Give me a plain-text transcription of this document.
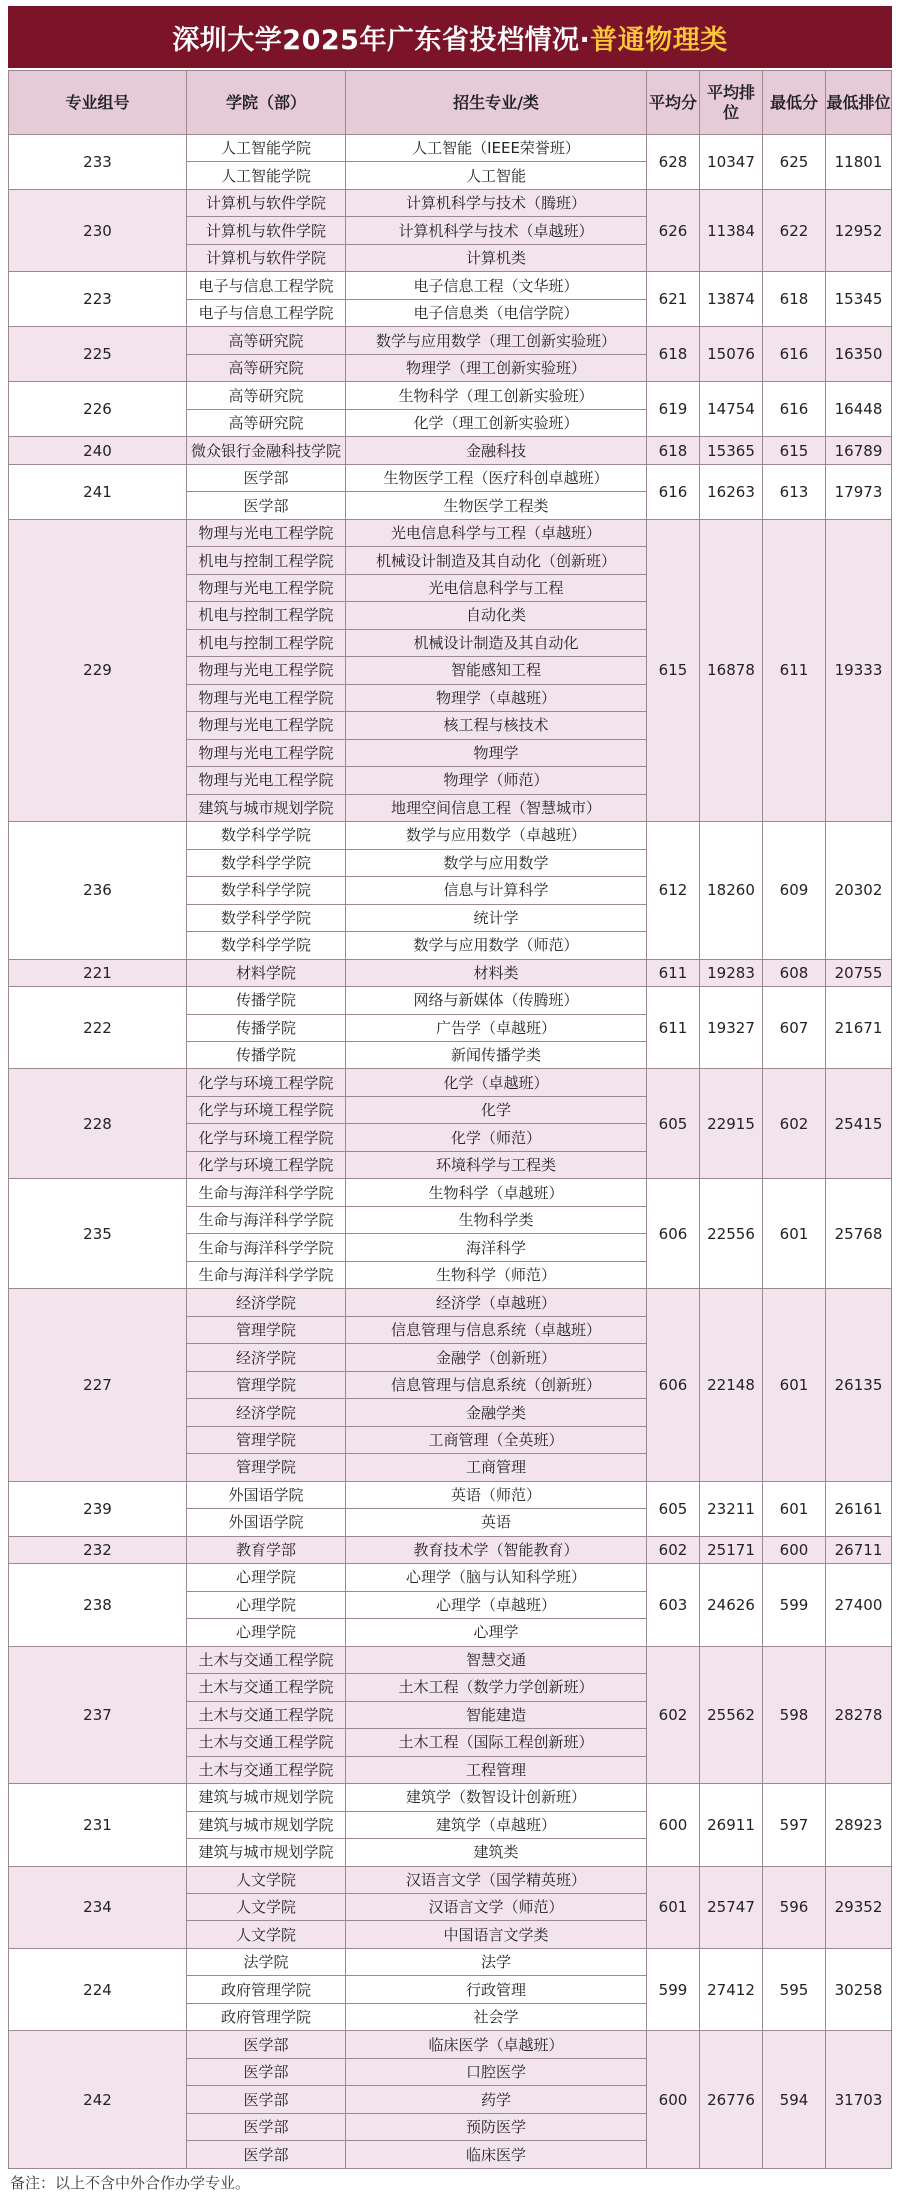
深圳大学2025年广东省投档情况· 普通物理类
专业组号	学院（部）	招生专业/类	平均分	平均排位	最低分	最低排位
233	人工智能学院	人工智能（IEEE荣誉班）	628	10347	625	11801
	人工智能学院	人工智能				
230	计算机与软件学院	计算机科学与技术（腾班）	626	11384	622	12952
	计算机与软件学院	计算机科学与技术（卓越班）				
	计算机与软件学院	计算机类				
223	电子与信息工程学院	电子信息工程（文华班）	621	13874	618	15345
	电子与信息工程学院	电子信息类（电信学院）				
225	高等研究院	数学与应用数学（理工创新实验班）	618	15076	616	16350
	高等研究院	物理学（理工创新实验班）				
226	高等研究院	生物科学（理工创新实验班）	619	14754	616	16448
	高等研究院	化学（理工创新实验班）				
240	微众银行金融科技学院	金融科技	618	15365	615	16789
241	医学部	生物医学工程（医疗科创卓越班）	616	16263	613	17973
	医学部	生物医学工程类				
229	物理与光电工程学院	光电信息科学与工程（卓越班）	615	16878	611	19333
	机电与控制工程学院	机械设计制造及其自动化（创新班）				
	物理与光电工程学院	光电信息科学与工程				
	机电与控制工程学院	自动化类				
	机电与控制工程学院	机械设计制造及其自动化				
	物理与光电工程学院	智能感知工程				
	物理与光电工程学院	物理学（卓越班）				
	物理与光电工程学院	核工程与核技术				
	物理与光电工程学院	物理学				
	物理与光电工程学院	物理学（师范）				
	建筑与城市规划学院	地理空间信息工程（智慧城市）				
236	数学科学学院	数学与应用数学（卓越班）	612	18260	609	20302
	数学科学学院	数学与应用数学				
	数学科学学院	信息与计算科学				
	数学科学学院	统计学				
	数学科学学院	数学与应用数学（师范）				
221	材料学院	材料类	611	19283	608	20755
222	传播学院	网络与新媒体（传腾班）	611	19327	607	21671
	传播学院	广告学（卓越班）				
	传播学院	新闻传播学类				
228	化学与环境工程学院	化学（卓越班）	605	22915	602	25415
	化学与环境工程学院	化学				
	化学与环境工程学院	化学（师范）				
	化学与环境工程学院	环境科学与工程类				
235	生命与海洋科学学院	生物科学（卓越班）	606	22556	601	25768
	生命与海洋科学学院	生物科学类				
	生命与海洋科学学院	海洋科学				
	生命与海洋科学学院	生物科学（师范）				
227	经济学院	经济学（卓越班）	606	22148	601	26135
	管理学院	信息管理与信息系统（卓越班）				
	经济学院	金融学（创新班）				
	管理学院	信息管理与信息系统（创新班）				
	经济学院	金融学类				
	管理学院	工商管理（全英班）				
	管理学院	工商管理				
239	外国语学院	英语（师范）	605	23211	601	26161
	外国语学院	英语				
232	教育学部	教育技术学（智能教育）	602	25171	600	26711
238	心理学院	心理学（脑与认知科学班）	603	24626	599	27400
	心理学院	心理学（卓越班）				
	心理学院	心理学				
237	土木与交通工程学院	智慧交通	602	25562	598	28278
	土木与交通工程学院	土木工程（数学力学创新班）				
	土木与交通工程学院	智能建造				
	土木与交通工程学院	土木工程（国际工程创新班）				
	土木与交通工程学院	工程管理				
231	建筑与城市规划学院	建筑学（数智设计创新班）	600	26911	597	28923
	建筑与城市规划学院	建筑学（卓越班）				
	建筑与城市规划学院	建筑类				
234	人文学院	汉语言文学（国学精英班）	601	25747	596	29352
	人文学院	汉语言文学（师范）				
	人文学院	中国语言文学类				
224	法学院	法学	599	27412	595	30258
	政府管理学院	行政管理				
	政府管理学院	社会学				
242	医学部	临床医学（卓越班）	600	26776	594	31703
	医学部	口腔医学				
	医学部	药学				
	医学部	预防医学				
	医学部	临床医学				
备注：以上不含中外合作办学专业。
